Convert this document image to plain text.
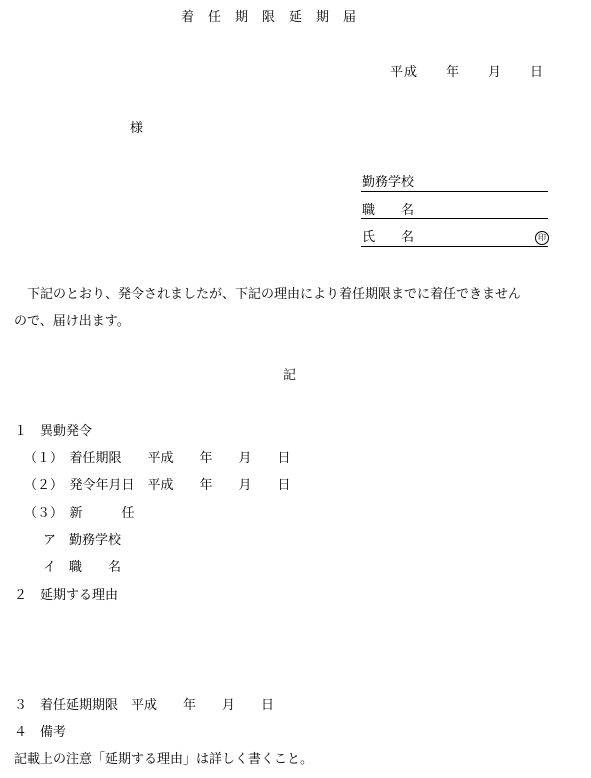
着　任　期　限　延　期　届
平成　　年　　月　　日
様
勤務学校
職　　名
氏　　名	印
　下記のとおり、発令されましたが、下記の理由により着任期限までに着任できません
ので、届け出ます。
記
１　異動発令
（１）　着任期限　　平成　　年　　月　　日
（２）　発令年月日　平成　　年　　月　　日
（３）　新　　　任
ア　勤務学校
イ　職　　名
２　延期する理由
３　着任延期期限　平成　　年　　月　　日
４　備考
記載上の注意「延期する理由」は詳しく書くこと。
